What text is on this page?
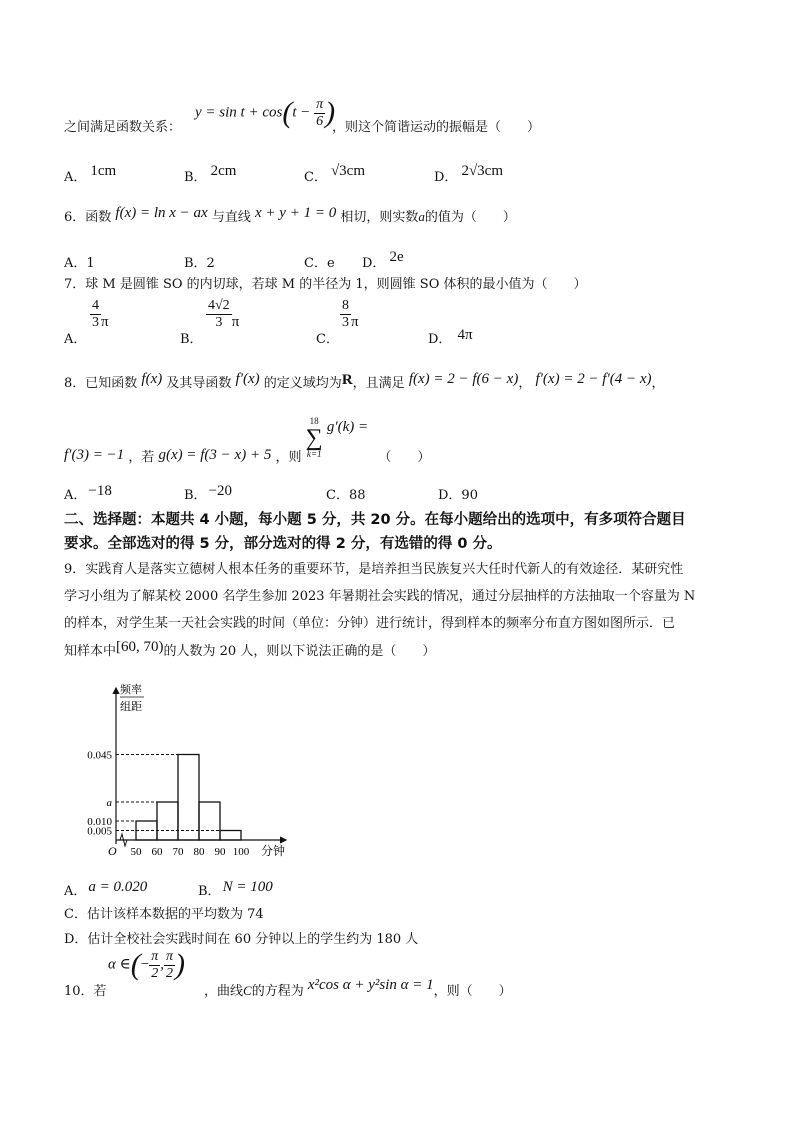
之间满足函数关系：
$y = \sin t + \cos(t - \frac{\pi}{6}$ )
，则这个简谐运动的振幅是（　　）
A． 1cm	B． 2cm	C． √3cm	D． 2√3cm
6．函数 f(x) = ln x − ax 与直线 x + y + 1 = 0 相切，则实数a的值为（　　）
A．1	B．2	C．e D． 2e
7．球 M 是圆锥 SO 的内切球，若球 M 的半径为 1，则圆锥 SO 体积的最小值为（　　）
A．
$\frac{4}{3}$ π
B．
$\frac{4√2}{3}$ π
C．
$\frac{8}{3}$ π
D． 4π
8．已知函数 f(x) 及其导函数 f′(x) 的定义域均为R，且满足 f(x) = 2 − f(6 − x)， f′(x) = 2 − f′(4 − x)，
f′(3) = −1 ，若 g(x) = f(3 − x) + 5 ，则
18
∑
k=1
g′(k) = （　　）
A． −18	B． −20	C．88	D．90
二、选择题：本题共 4 小题，每小题 5 分，共 20 分。在每小题给出的选项中，有多项符合题目
要求。全部选对的得 5 分，部分选对的得 2 分，有选错的得 0 分。
9．实践育人是落实立德树人根本任务的重要环节，是培养担当民族复兴大任时代新人的有效途径．某研究性
学习小组为了解某校 2000 名学生参加 2023 年暑期社会实践的情况，通过分层抽样的方法抽取一个容量为 N
的样本，对学生某一天社会实践的时间（单位：分钟）进行统计，得到样本的频率分布直方图如图所示．已
知样本中[60, 70)的人数为 20 人，则以下说法正确的是（　　）
频率
组距
O	分钟
50 60 70 80 90 100
0.010
a
0.045
0.005
A． a = 0.020	B． N = 100
C．估计该样本数据的平均数为 74
D．估计全校社会实践时间在 60 分钟以上的学生约为 180 人
10．若
α ∈(− $\frac{\pi}{2}$ , $\frac{\pi}{2}$ )
，曲线C的方程为 x²cos α + y²sin α = 1，则（　　）
